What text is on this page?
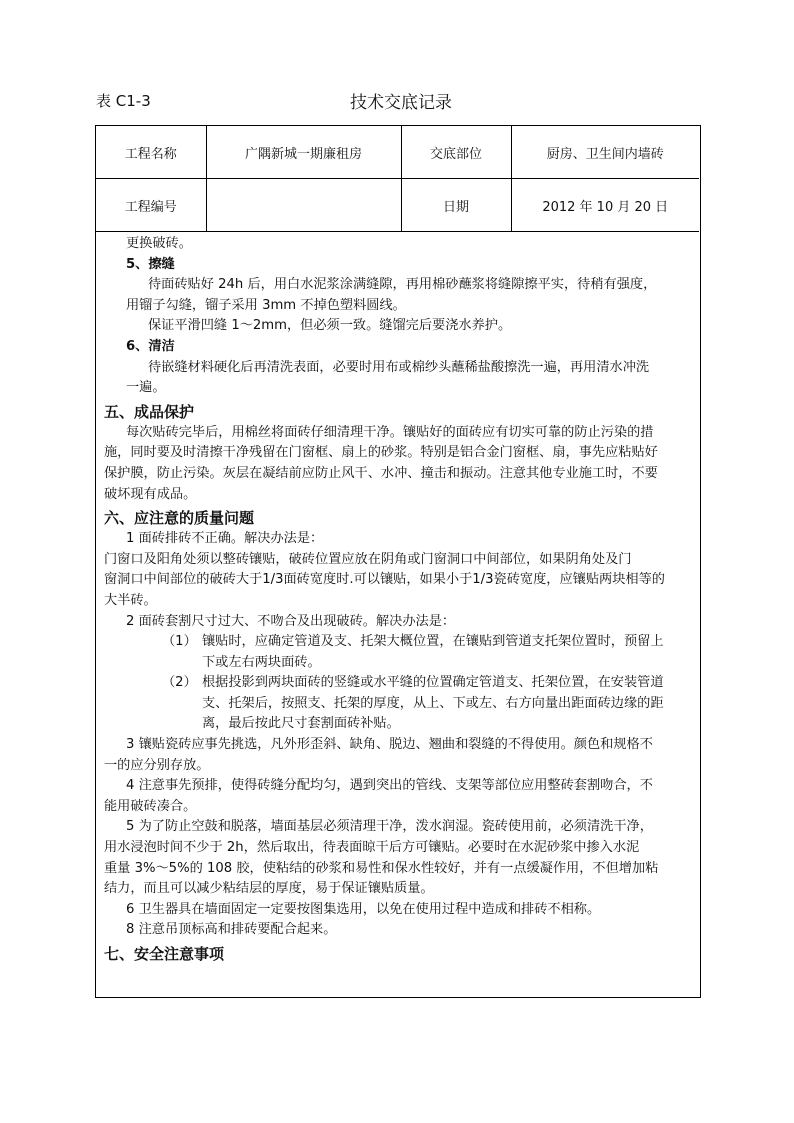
表 C1-3	技术交底记录
工程名称	广隅新城一期廉租房	交底部位	厨房、卫生间内墙砖
工程编号		日期	2012 年 10 月 20 日
更换破砖。
5、擦缝
待面砖贴好 24h 后，用白水泥浆涂满缝隙，再用棉砂蘸浆将缝隙擦平实，待稍有强度，
用镏子勾缝，镏子采用 3mm 不掉色塑料圆线。
保证平滑凹缝 1～2mm，但必须一致。缝馏完后要浇水养护。
6、清洁
待嵌缝材料硬化后再清洗表面，必要时用布或棉纱头蘸稀盐酸擦洗一遍，再用清水冲洗
一遍。
五、成品保护
每次贴砖完毕后，用棉丝将面砖仔细清理干净。镶贴好的面砖应有切实可靠的防止污染的措
施，同时要及时清擦干净残留在门窗框、扇上的砂浆。特别是铝合金门窗框、扇，事先应粘贴好
保护膜，防止污染。灰层在凝结前应防止风干、水冲、撞击和振动。注意其他专业施工时，不要
破坏现有成品。
六、应注意的质量问题
1 面砖排砖不正确。解决办法是：
门窗口及阳角处须以整砖镶贴，破砖位置应放在阴角或门窗洞口中间部位，如果阴角处及门
窗洞口中间部位的破砖大于1/3面砖宽度时.可以镶贴，如果小于1/3瓷砖宽度，应镶贴两块相等的
大半砖。
2 面砖套割尺寸过大、不吻合及出现破砖。解决办法是：
（1） 镶贴时，应确定管道及支、托架大概位置，在镶贴到管道支托架位置时，预留上
下或左右两块面砖。
（2） 根据投影到两块面砖的竖缝或水平缝的位置确定管道支、托架位置，在安装管道
支、托架后，按照支、托架的厚度，从上、下或左、右方向量出距面砖边缘的距
离，最后按此尺寸套割面砖补贴。
3 镶贴瓷砖应事先挑选，凡外形歪斜、缺角、脱边、翘曲和裂缝的不得使用。颜色和规格不
一的应分别存放。
4 注意事先预排，使得砖缝分配均匀，遇到突出的管线、支架等部位应用整砖套割吻合，不
能用破砖凑合。
5 为了防止空鼓和脱落，墙面基层必须清理干净，泼水润湿。瓷砖使用前，必须清洗干净，
用水浸泡时间不少于 2h，然后取出，待表面晾干后方可镶贴。必要时在水泥砂浆中掺入水泥
重量 3%～5%的 108 胶，使粘结的砂浆和易性和保水性较好，并有一点缓凝作用，不但增加粘
结力，而且可以减少粘结层的厚度，易于保证镶贴质量。
6 卫生器具在墙面固定一定要按图集选用，以免在使用过程中造成和排砖不相称。
8 注意吊顶标高和排砖要配合起来。
七、安全注意事项
